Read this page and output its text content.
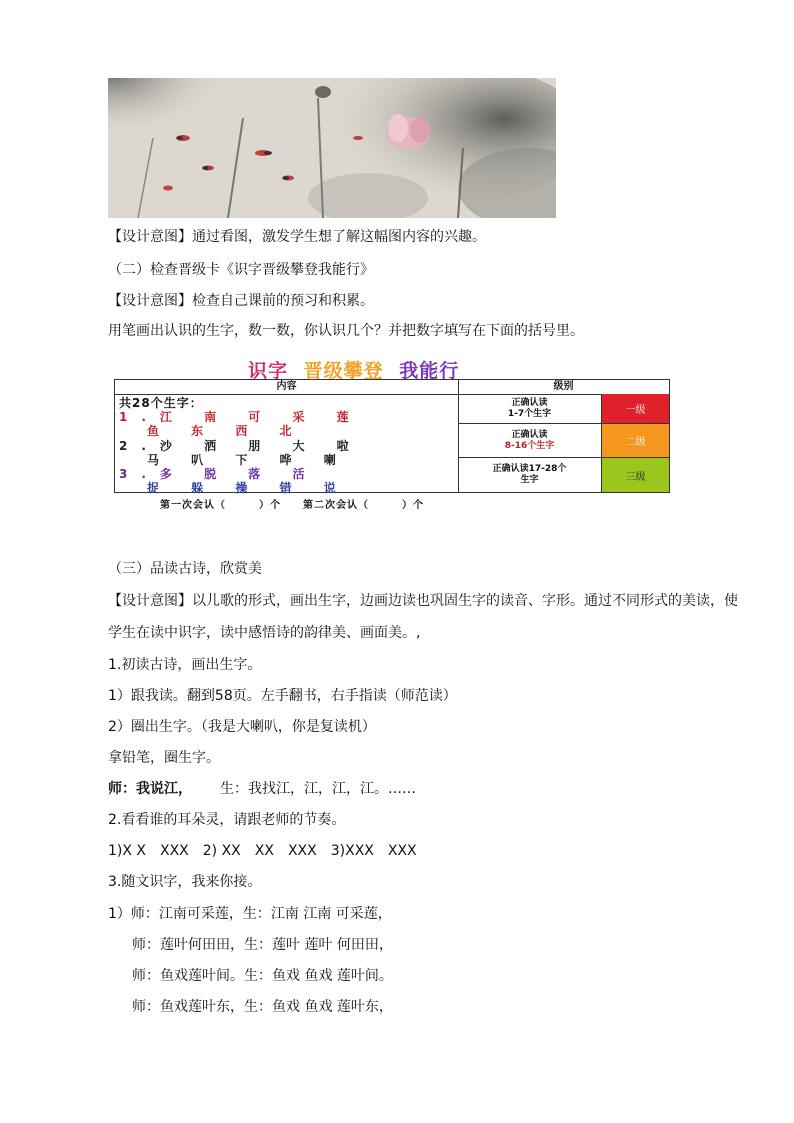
【设计意图】通过看图，激发学生想了解这幅图内容的兴趣。
（二）检查晋级卡《识字晋级攀登我能行》
【设计意图】检查自己课前的预习和积累。
用笔画出认识的生字，数一数，你认识几个？并把数字填写在下面的括号里。
识字 晋级攀登 我能行
内容	级别
共28个生字：
1.江 南 可 采 莲
鱼 东 西 北
2.沙 洒 朋 大 啦
马 叭 下 哗 喇
3.多 脱 落 活
捉 躲 操 错 说
正确认读
1-7个生字	一级
正确认读
8-16个生字	二级
正确认读17-28个
生字	三级
第一次会认（　　　）个　　第二次会认（　　　）个
（三）品读古诗，欣赏美
【设计意图】以儿歌的形式，画出生字，边画边读也巩固生字的读音、字形。通过不同形式的美读，使
学生在读中识字，读中感悟诗的韵律美、画面美。,
1.初读古诗，画出生字。
1）跟我读。翻到58页。左手翻书，右手指读（师范读）
2）圈出生字。（我是大喇叭，你是复读机）
拿铅笔，圈生字。
师：我说江， 生：我找江，江，江，江。……
2.看看谁的耳朵灵，请跟老师的节奏。
1)X X　XXX　2) XX　XX　XXX　3)XXX　XXX
3.随文识字，我来你接。
1）师：江南可采莲，生：江南 江南 可采莲，
师：莲叶何田田，生：莲叶 莲叶 何田田，
师：鱼戏莲叶间。生：鱼戏 鱼戏 莲叶间。
师：鱼戏莲叶东，生：鱼戏 鱼戏 莲叶东，
